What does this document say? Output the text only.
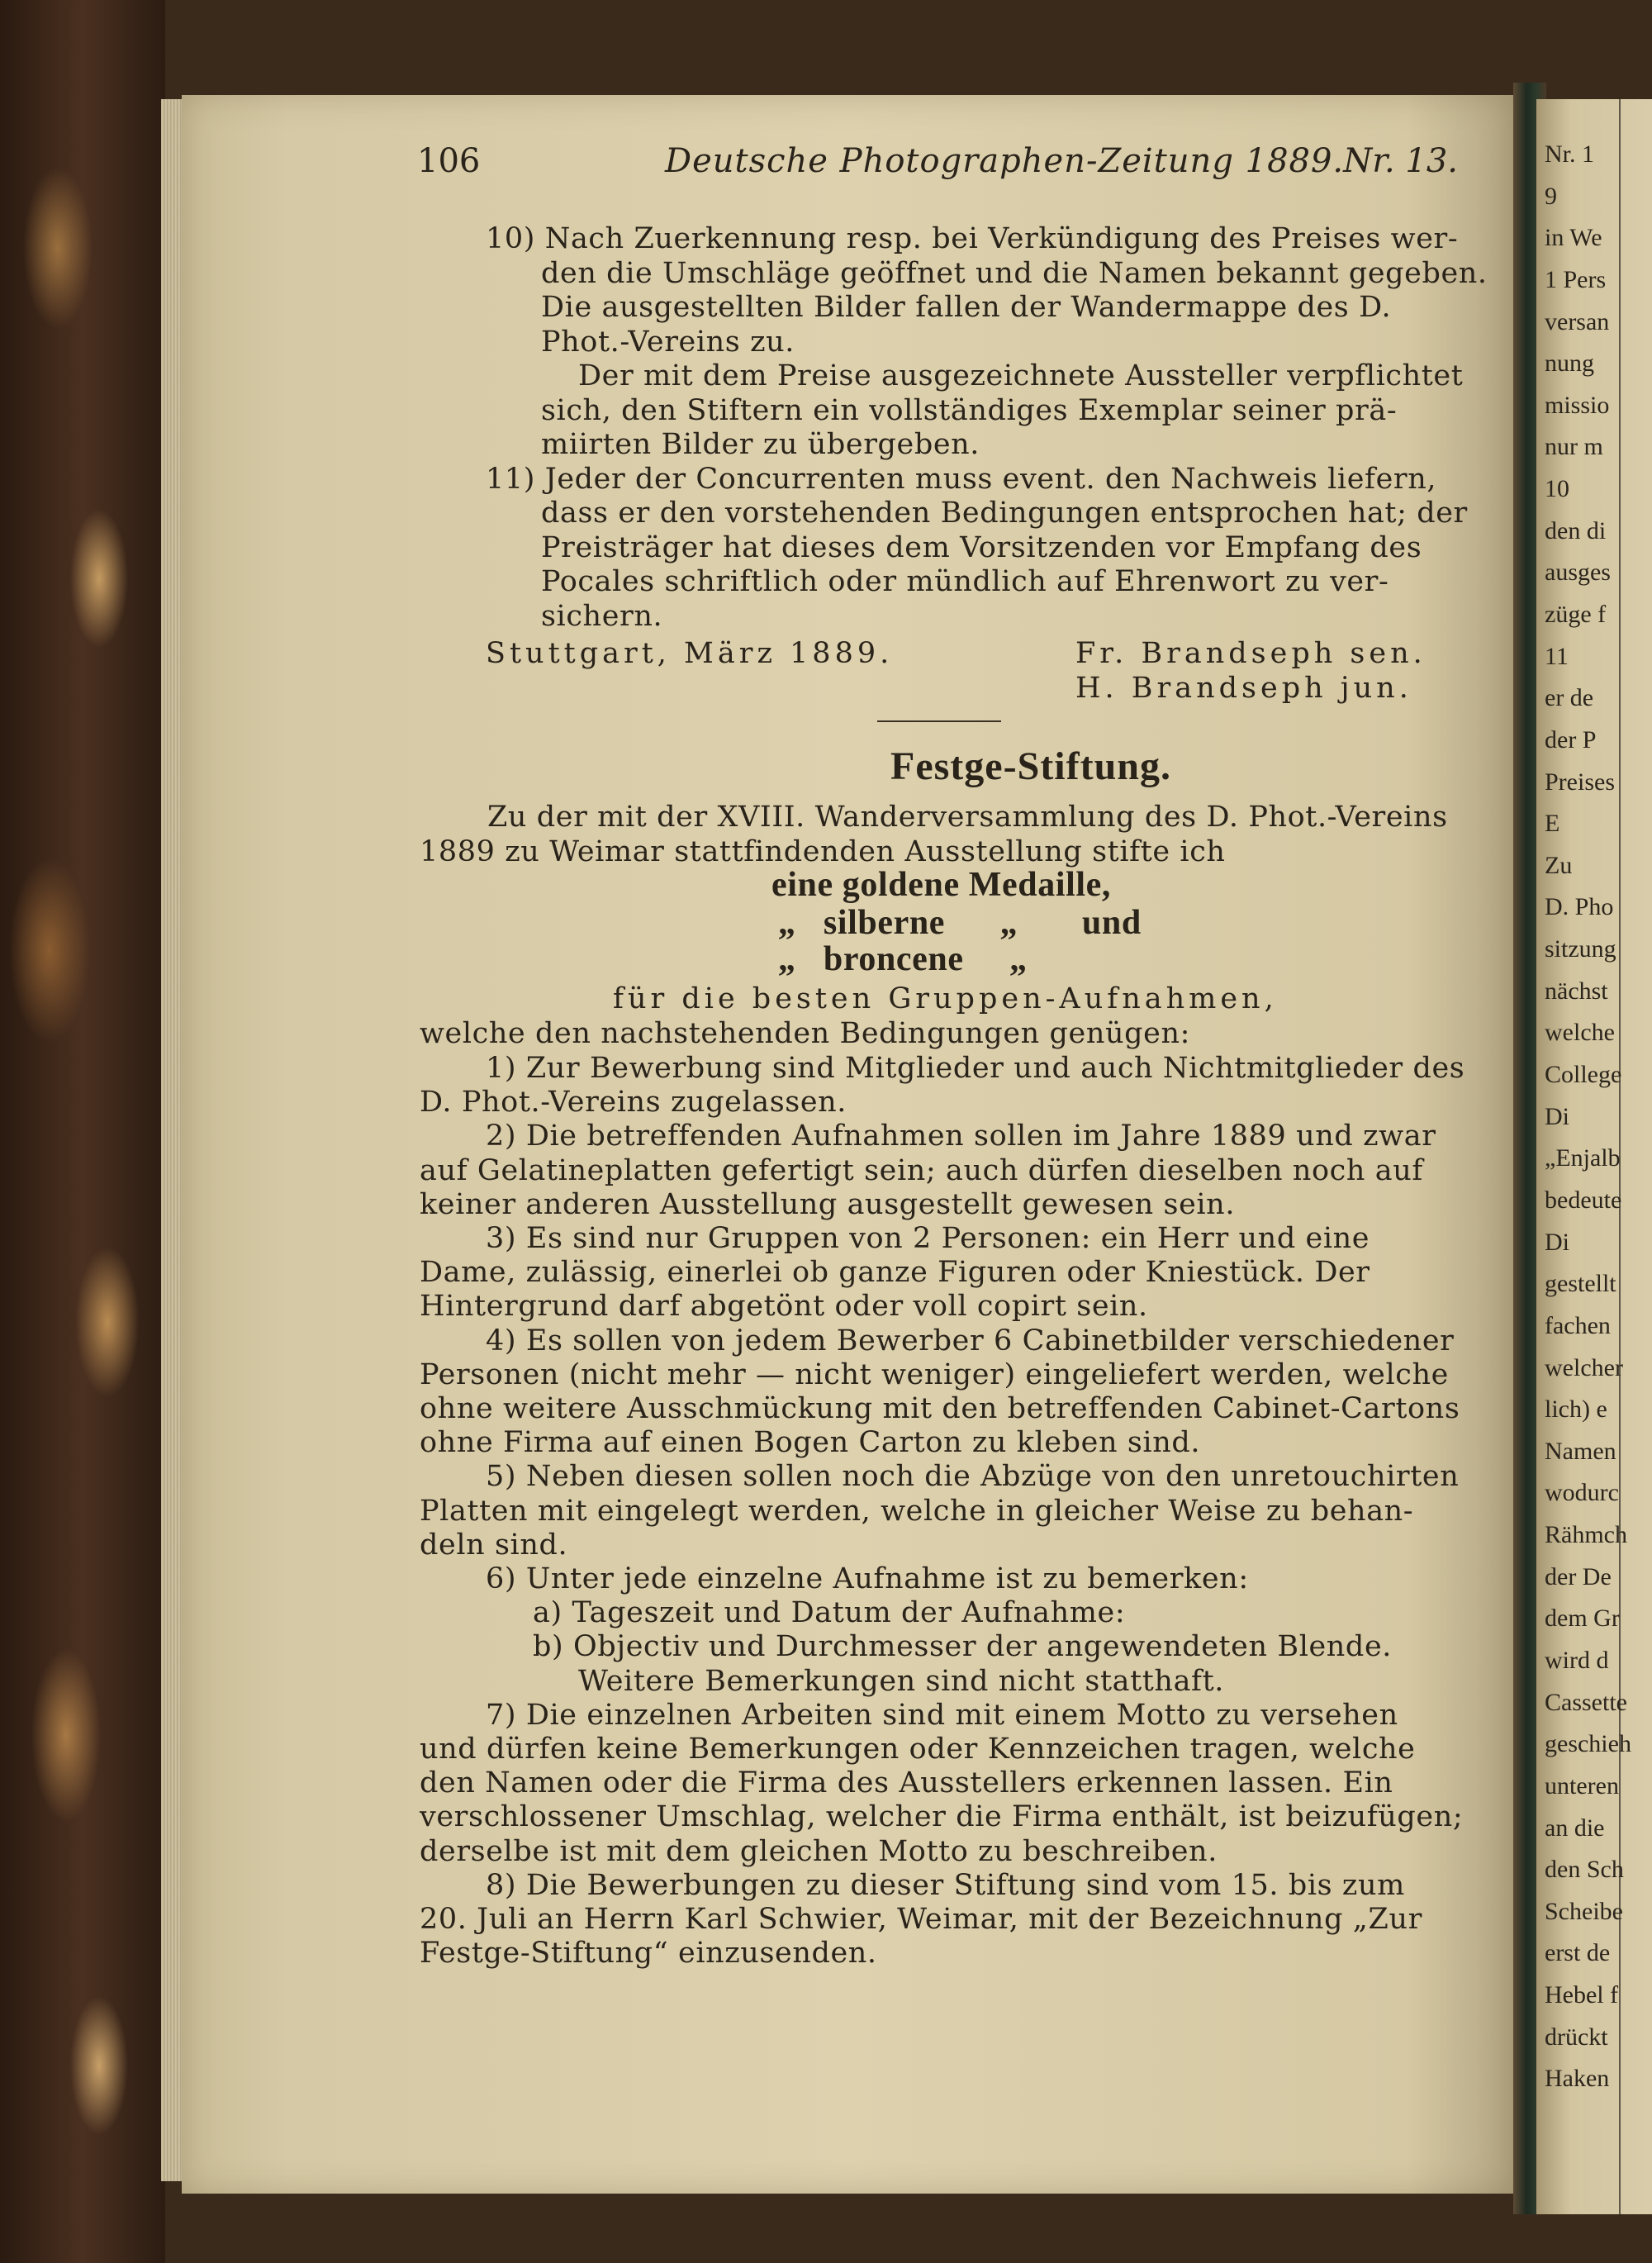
Nr. 1
9
in We
1 Pers
versan
nung
missio
nur m
10
den di
ausges
züge f
11
er de
der P
Preises
E
Zu
D. Pho
sitzung
nächst
welche
College
Di
„Enjalb
bedeute
Di
gestellt
fachen
welcher
lich) e
Namen
wodurc
Rähmch
der De
dem Gr
wird d
Cassette
geschieh
unteren
an die
den Sch
Scheibe
erst de
Hebel f
drückt
Haken
106	Deutsche Photographen-Zeitung 1889. Nr. 13.
10) Nach Zuerkennung resp. bei Verkündigung des Preises wer-
den die Umschläge geöffnet und die Namen bekannt gegeben.
Die ausgestellten Bilder fallen der Wandermappe des D.
Phot.-Vereins zu.
Der mit dem Preise ausgezeichnete Aussteller verpflichtet
sich, den Stiftern ein vollständiges Exemplar seiner prä-
miirten Bilder zu übergeben.
11) Jeder der Concurrenten muss event. den Nachweis liefern,
dass er den vorstehenden Bedingungen entsprochen hat; der
Preisträger hat dieses dem Vorsitzenden vor Empfang des
Pocales schriftlich oder mündlich auf Ehrenwort zu ver-
sichern.
Stuttgart, März 1889.	Fr. Brandseph sen.
H. Brandseph jun.
Festge-Stiftung.
Zu der mit der XVIII. Wanderversammlung des D. Phot.-Vereins
1889 zu Weimar stattfindenden Ausstellung stifte ich
eine goldene Medaille,
„   silberne      „       und
„   broncene     „
für die besten Gruppen-Aufnahmen,
welche den nachstehenden Bedingungen genügen:
1) Zur Bewerbung sind Mitglieder und auch Nichtmitglieder des
D. Phot.-Vereins zugelassen.
2) Die betreffenden Aufnahmen sollen im Jahre 1889 und zwar
auf Gelatineplatten gefertigt sein; auch dürfen dieselben noch auf
keiner anderen Ausstellung ausgestellt gewesen sein.
3) Es sind nur Gruppen von 2 Personen: ein Herr und eine
Dame, zulässig, einerlei ob ganze Figuren oder Kniestück. Der
Hintergrund darf abgetönt oder voll copirt sein.
4) Es sollen von jedem Bewerber 6 Cabinetbilder verschiedener
Personen (nicht mehr — nicht weniger) eingeliefert werden, welche
ohne weitere Ausschmückung mit den betreffenden Cabinet-Cartons
ohne Firma auf einen Bogen Carton zu kleben sind.
5) Neben diesen sollen noch die Abzüge von den unretouchirten
Platten mit eingelegt werden, welche in gleicher Weise zu behan-
deln sind.
6) Unter jede einzelne Aufnahme ist zu bemerken:
a) Tageszeit und Datum der Aufnahme:
b) Objectiv und Durchmesser der angewendeten Blende.
Weitere Bemerkungen sind nicht statthaft.
7) Die einzelnen Arbeiten sind mit einem Motto zu versehen
und dürfen keine Bemerkungen oder Kennzeichen tragen, welche
den Namen oder die Firma des Ausstellers erkennen lassen. Ein
verschlossener Umschlag, welcher die Firma enthält, ist beizufügen;
derselbe ist mit dem gleichen Motto zu beschreiben.
8) Die Bewerbungen zu dieser Stiftung sind vom 15. bis zum
20. Juli an Herrn Karl Schwier, Weimar, mit der Bezeichnung „Zur
Festge-Stiftung“ einzusenden.
